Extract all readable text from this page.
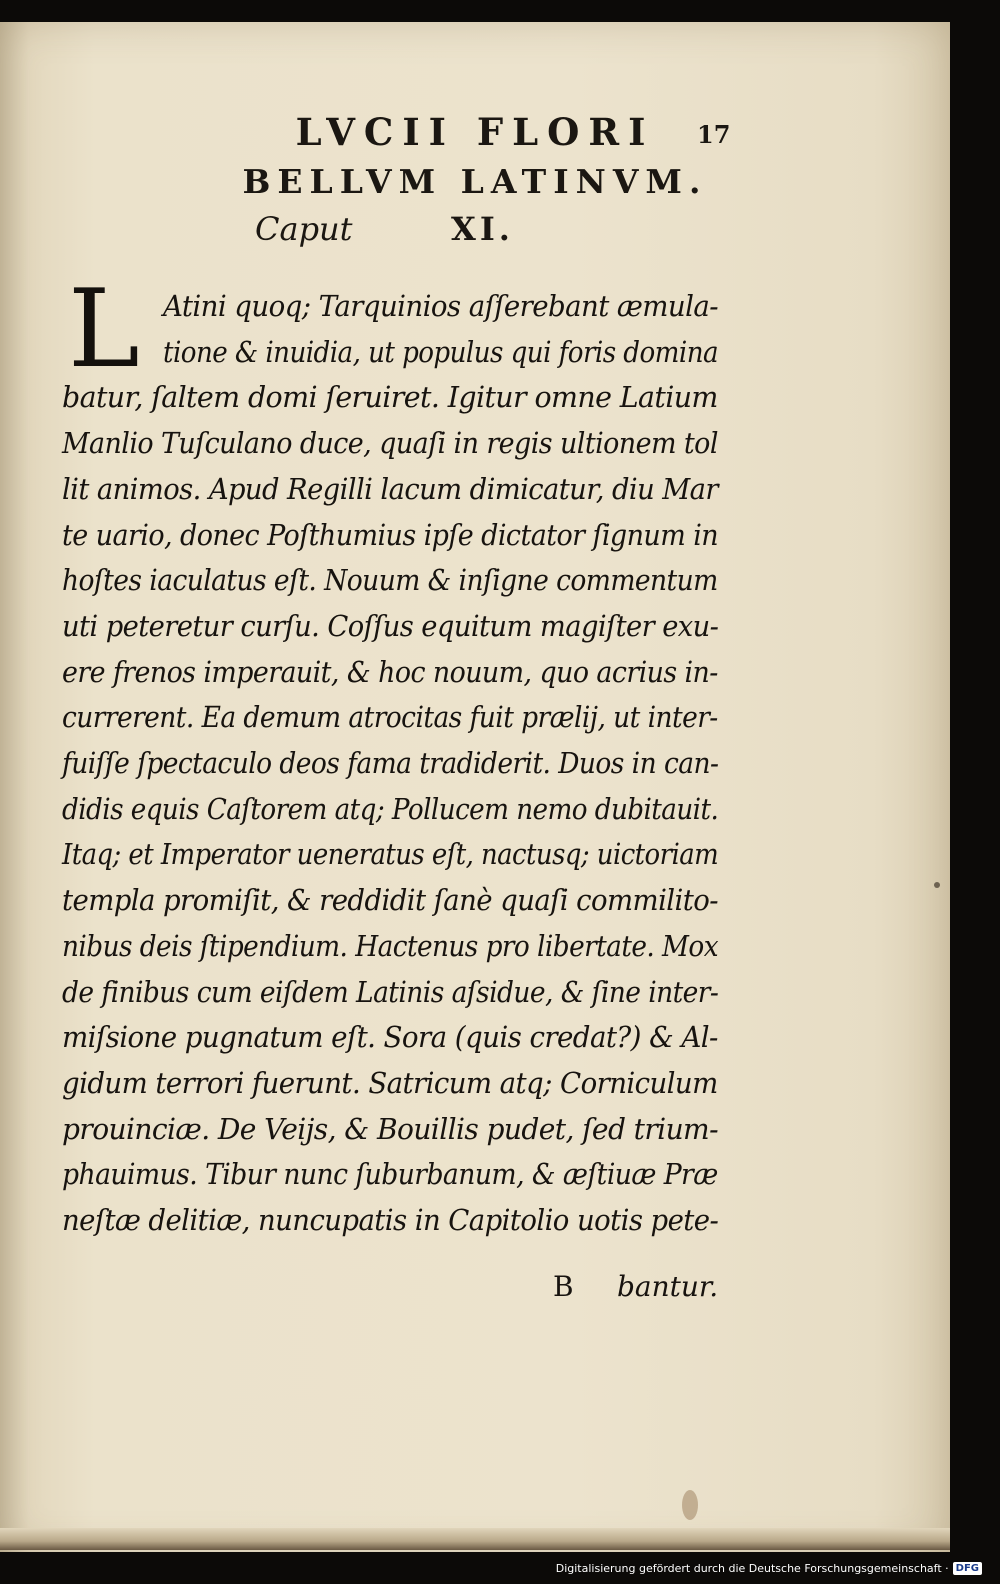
LVCII FLORI
BELLVM LATINVM.
Caput	XI.
17
L Atini quoq; Tarquinios aſſerebant æmula-
tione & inuidia, ut populus qui foris domina
batur, ſaltem domi ſeruiret. Igitur omne Latium
Manlio Tuſculano duce, quaſi in regis ultionem tol
lit animos. Apud Regilli lacum dimicatur, diu Mar
te uario, donec Poſthumius ipſe dictator ſignum in
hoſtes iaculatus eſt. Nouum & inſigne commentum
uti peteretur curſu. Coſſus equitum magiſter exu-
ere frenos imperauit, & hoc nouum, quo acrius in-
currerent. Ea demum atrocitas fuit prælij, ut inter-
fuiſſe ſpectaculo deos fama tradiderit. Duos in can-
didis equis Caſtorem atq; Pollucem nemo dubitauit.
Itaq; et Imperator ueneratus eſt, nactusq; uictoriam
templa promiſit, & reddidit ſanè quaſi commilito-
nibus deis ſtipendium. Hactenus pro libertate. Mox
de finibus cum eiſdem Latinis aſsidue, & ſine inter-
miſsione pugnatum eſt. Sora (quis credat?) & Al-
gidum terrori fuerunt. Satricum atq; Corniculum
prouinciæ. De Veijs, & Bouillis pudet, ſed trium-
phauimus. Tibur nunc ſuburbanum, & æſtiuæ Præ
neſtæ delitiæ, nuncupatis in Capitolio uotis pete-
B bantur.
Digitalisierung gefördert durch die Deutsche Forschungsgemeinschaft · DFG
